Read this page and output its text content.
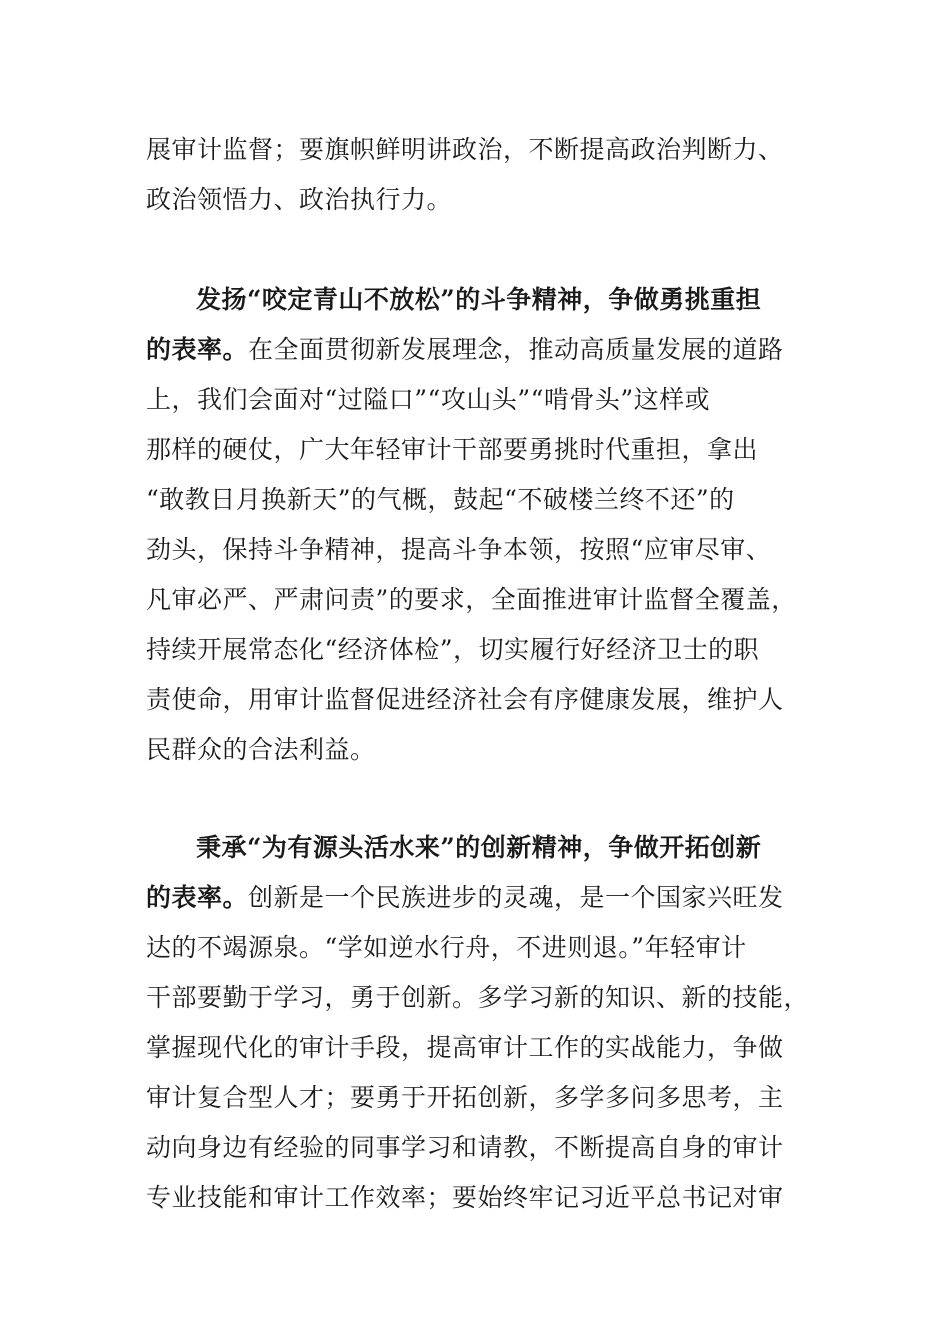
展审计监督；要旗帜鲜明讲政治，不断提高政治判断力、
政治领悟力、政治执行力。
发扬“咬定青山不放松”的斗争精神，争做勇挑重担
的表率。在全面贯彻新发展理念，推动高质量发展的道路
上，我们会面对“过隘口”“攻山头”“啃骨头”这样或
那样的硬仗，广大年轻审计干部要勇挑时代重担，拿出
“敢教日月换新天”的气概，鼓起“不破楼兰终不还”的
劲头，保持斗争精神，提高斗争本领，按照“应审尽审、
凡审必严、严肃问责”的要求，全面推进审计监督全覆盖，
持续开展常态化“经济体检”，切实履行好经济卫士的职
责使命，用审计监督促进经济社会有序健康发展，维护人
民群众的合法利益。
秉承“为有源头活水来”的创新精神，争做开拓创新
的表率。创新是一个民族进步的灵魂，是一个国家兴旺发
达的不竭源泉。“学如逆水行舟，不进则退。”年轻审计
干部要勤于学习，勇于创新。多学习新的知识、新的技能，
掌握现代化的审计手段，提高审计工作的实战能力，争做
审计复合型人才；要勇于开拓创新，多学多问多思考，主
动向身边有经验的同事学习和请教，不断提高自身的审计
专业技能和审计工作效率；要始终牢记习近平总书记对审
